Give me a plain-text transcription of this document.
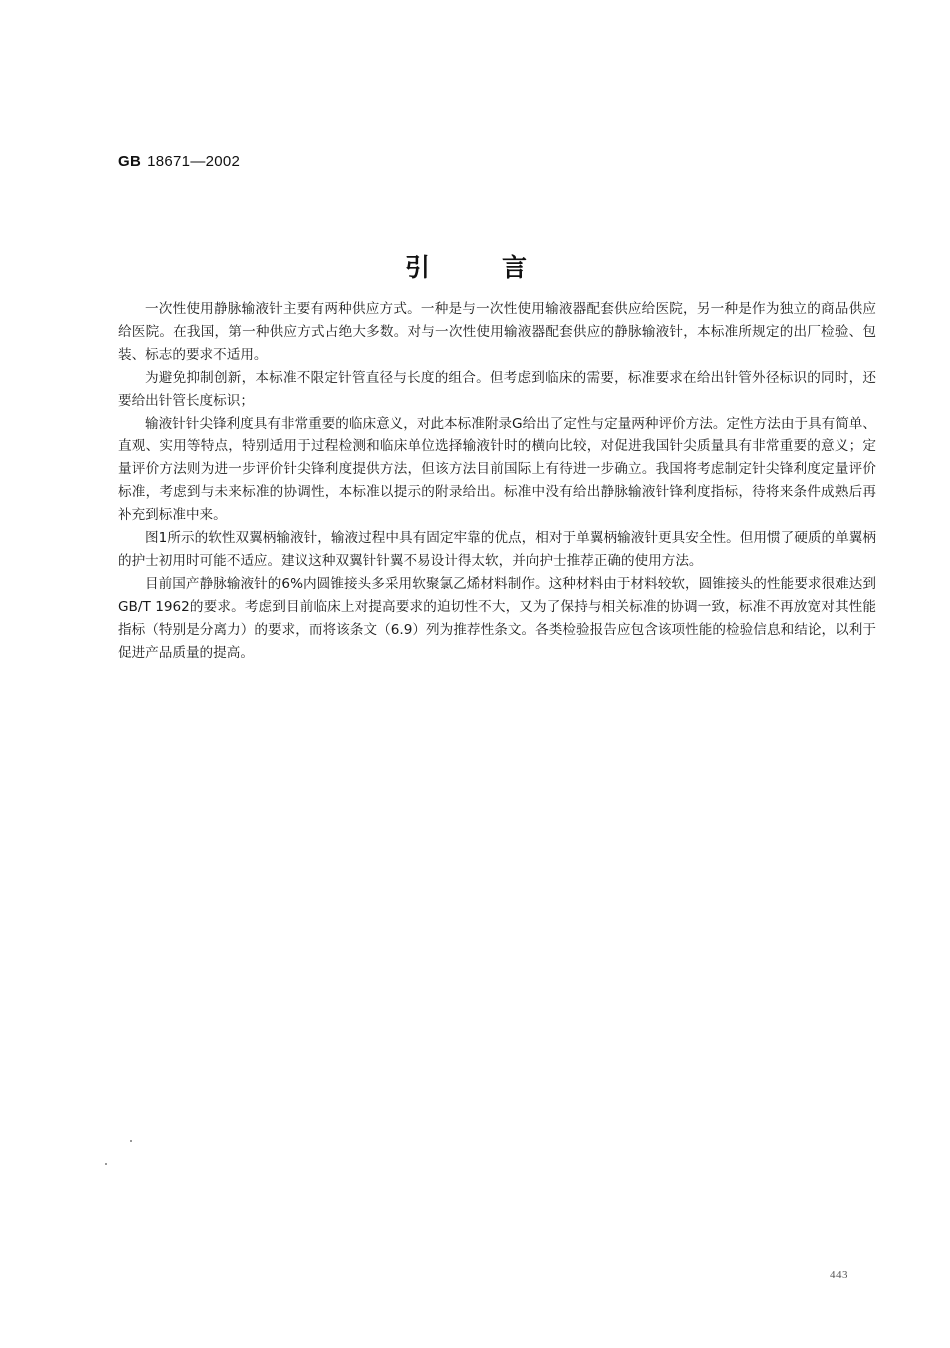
GB 18671—2002
引言

一次性使用静脉输液针主要有两种供应方式。一种是与一次性使用输液器配套供应给医院，另一种是作为独立的商品供应给医院。在我国，第一种供应方式占绝大多数。对与一次性使用输液器配套供应的静脉输液针，本标准所规定的出厂检验、包装、标志的要求不适用。

为避免抑制创新，本标准不限定针管直径与长度的组合。但考虑到临床的需要，标准要求在给出针管外径标识的同时，还要给出针管长度标识；

输液针针尖锋利度具有非常重要的临床意义，对此本标准附录G给出了定性与定量两种评价方法。定性方法由于具有简单、直观、实用等特点，特别适用于过程检测和临床单位选择输液针时的横向比较，对促进我国针尖质量具有非常重要的意义；定量评价方法则为进一步评价针尖锋利度提供方法，但该方法目前国际上有待进一步确立。我国将考虑制定针尖锋利度定量评价标准，考虑到与未来标准的协调性，本标准以提示的附录给出。标准中没有给出静脉输液针锋利度指标，待将来条件成熟后再补充到标准中来。

图1所示的软性双翼柄输液针，输液过程中具有固定牢靠的优点，相对于单翼柄输液针更具安全性。但用惯了硬质的单翼柄的护士初用时可能不适应。建议这种双翼针针翼不易设计得太软，并向护士推荐正确的使用方法。

目前国产静脉输液针的6%内圆锥接头多采用软聚氯乙烯材料制作。这种材料由于材料较软，圆锥接头的性能要求很难达到GB/T 1962的要求。考虑到目前临床上对提高要求的迫切性不大，又为了保持与相关标准的协调一致，标准不再放宽对其性能指标（特别是分离力）的要求，而将该条文（6.9）列为推荐性条文。各类检验报告应包含该项性能的检验信息和结论，以利于促进产品质量的提高。

443
